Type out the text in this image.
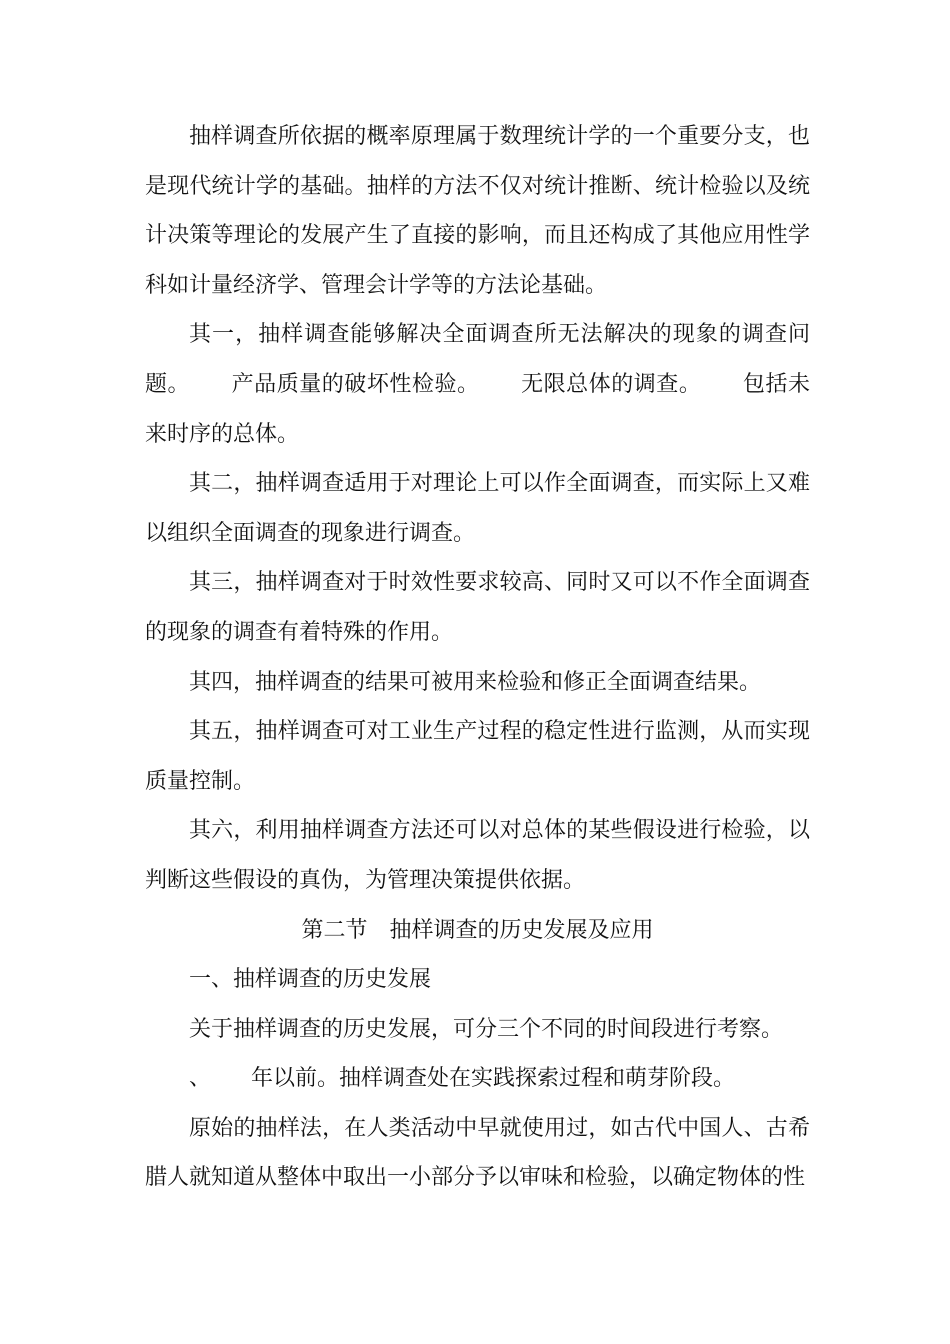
抽样调查所依据的概率原理属于数理统计学的一个重要分支，也是现代统计学的基础。抽样的方法不仅对统计推断、统计检验以及统计决策等理论的发展产生了直接的影响，而且还构成了其他应用性学科如计量经济学、管理会计学等的方法论基础。

其一，抽样调查能够解决全面调查所无法解决的现象的调查问题。　　 产品质量的破坏性检验。　　 无限总体的调查。　　 包括未来时序的总体。

其二，抽样调查适用于对理论上可以作全面调查，而实际上又难以组织全面调查的现象进行调查。

其三，抽样调查对于时效性要求较高、同时又可以不作全面调查的现象的调查有着特殊的作用。

其四，抽样调查的结果可被用来检验和修正全面调查结果。

其五，抽样调查可对工业生产过程的稳定性进行监测，从而实现质量控制。

其六，利用抽样调查方法还可以对总体的某些假设进行检验，以判断这些假设的真伪，为管理决策提供依据。

第二节　抽样调查的历史发展及应用

一、抽样调查的历史发展

关于抽样调查的历史发展，可分三个不同的时间段进行考察。

、　　 年以前。抽样调查处在实践探索过程和萌芽阶段。

原始的抽样法，在人类活动中早就使用过，如古代中国人、古希腊人就知道从整体中取出一小部分予以审味和检验，以确定物体的性
